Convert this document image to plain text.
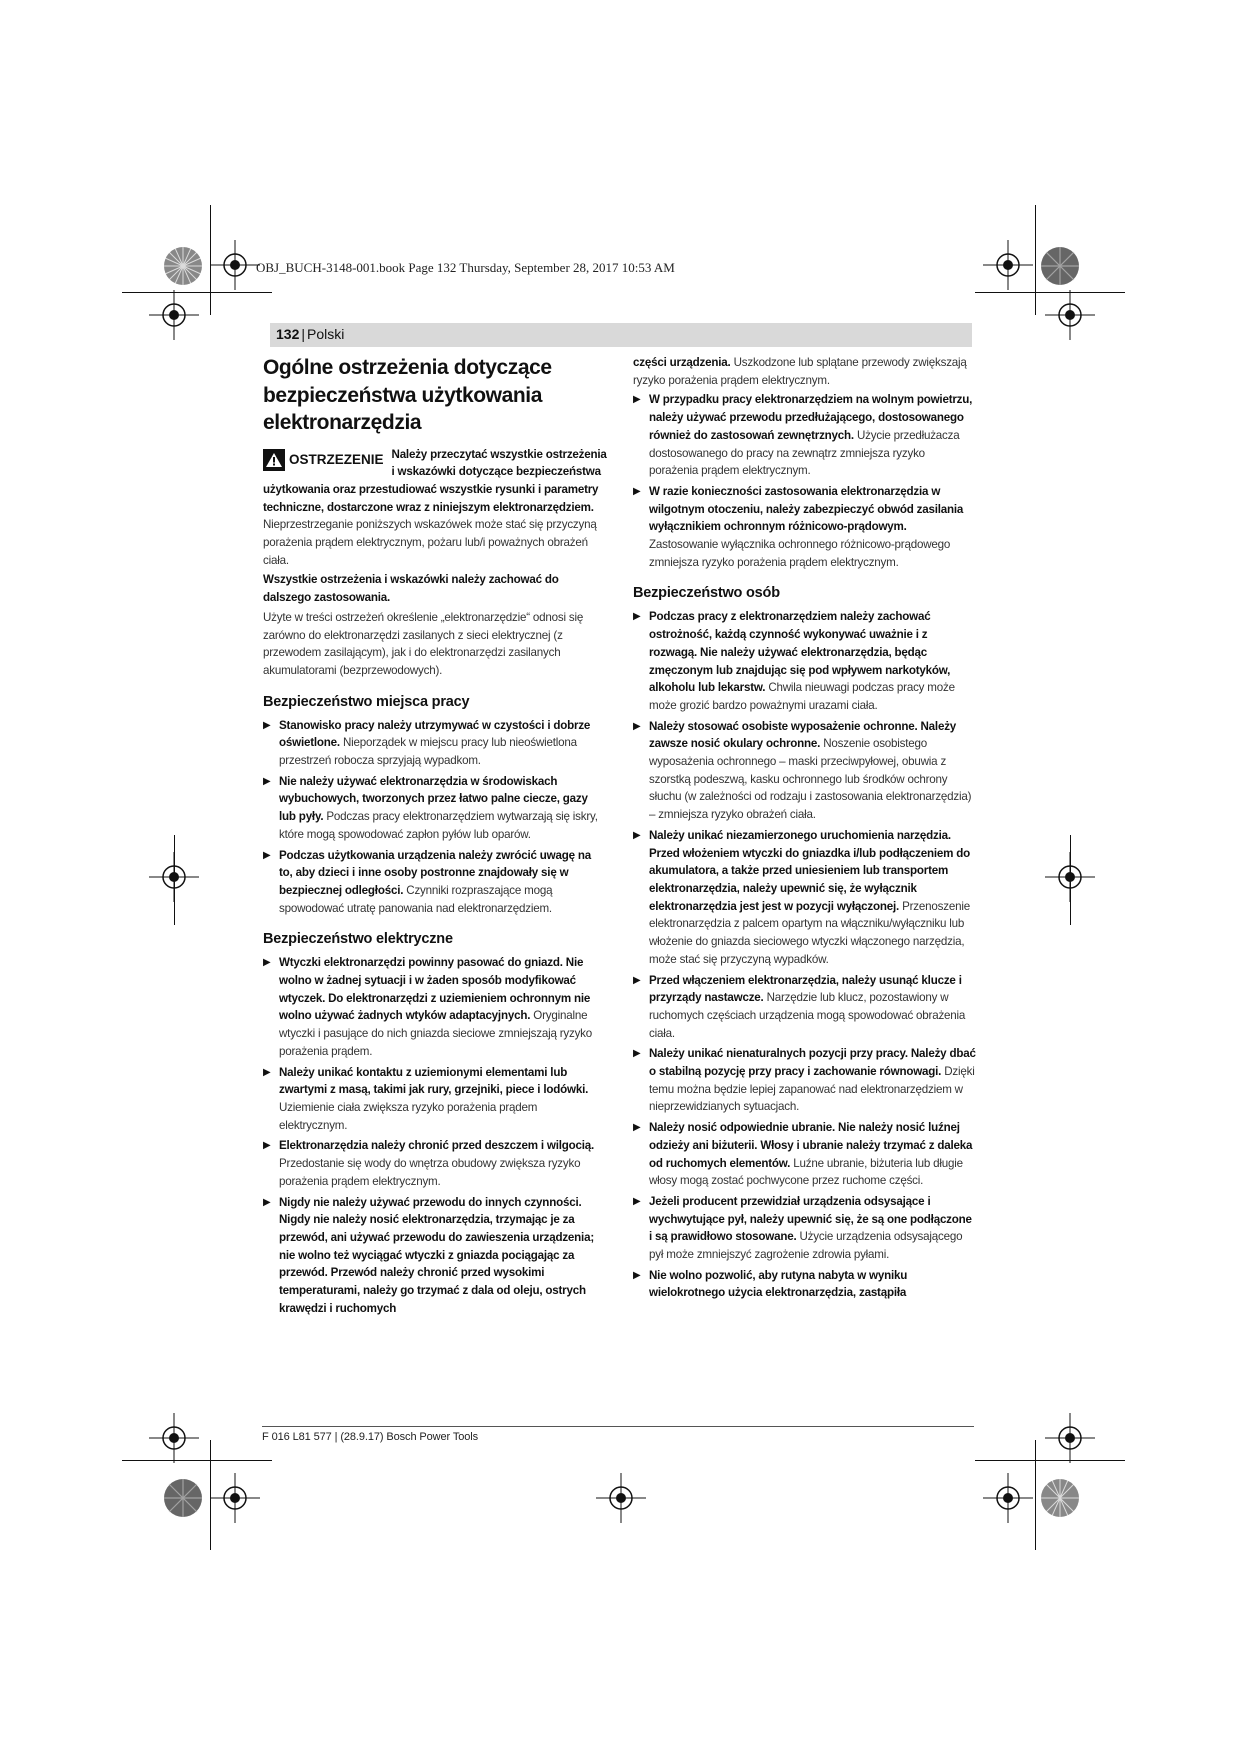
OBJ_BUCH-3148-001.book Page 132 Thursday, September 28, 2017 10:53 AM
132 | Polski
Ogólne ostrzeżenia dotyczące bezpieczeństwa użytkowania elektronarzędzia
OSTRZEZENIE Należy przeczytać wszystkie ostrzeżenia i wskazówki dotyczące bezpieczeństwa użytkowania oraz przestudiować wszystkie rysunki i parametry techniczne, dostarczone wraz z niniejszym elektronarzędziem. Nieprzestrzeganie poniższych wskazówek może stać się przyczyną porażenia prądem elektrycznym, pożaru lub/i poważnych obrażeń ciała.

Wszystkie ostrzeżenia i wskazówki należy zachować do dalszego zastosowania.

Użyte w treści ostrzeżeń określenie „elektronarzędzie“ odnosi się zarówno do elektronarzędzi zasilanych z sieci elektrycznej (z przewodem zasilającym), jak i do elektronarzędzi zasilanych akumulatorami (bezprzewodowych).

Bezpieczeństwo miejsca pracy
▶ Stanowisko pracy należy utrzymywać w czystości i dobrze oświetlone. Nieporządek w miejscu pracy lub nieoświetlona przestrzeń robocza sprzyjają wypadkom.
▶ Nie należy używać elektronarzędzia w środowiskach wybuchowych, tworzonych przez łatwo palne ciecze, gazy lub pyły. Podczas pracy elektronarzędziem wytwarzają się iskry, które mogą spowodować zapłon pyłów lub oparów.
▶ Podczas użytkowania urządzenia należy zwrócić uwagę na to, aby dzieci i inne osoby postronne znajdowały się w bezpiecznej odległości. Czynniki rozpraszające mogą spowodować utratę panowania nad elektronarzędziem.
Bezpieczeństwo elektryczne
▶ Wtyczki elektronarzędzi powinny pasować do gniazd. Nie wolno w żadnej sytuacji i w żaden sposób modyfikować wtyczek. Do elektronarzędzi z uziemieniem ochronnym nie wolno używać żadnych wtyków adaptacyjnych. Oryginalne wtyczki i pasujące do nich gniazda sieciowe zmniejszają ryzyko porażenia prądem.
▶ Należy unikać kontaktu z uziemionymi elementami lub zwartymi z masą, takimi jak rury, grzejniki, piece i lodówki. Uziemienie ciała zwiększa ryzyko porażenia prądem elektrycznym.
▶ Elektronarzędzia należy chronić przed deszczem i wilgocią. Przedostanie się wody do wnętrza obudowy zwiększa ryzyko porażenia prądem elektrycznym.
▶ Nigdy nie należy używać przewodu do innych czynności. Nigdy nie należy nosić elektronarzędzia, trzymając je za przewód, ani używać przewodu do zawieszenia urządzenia; nie wolno też wyciągać wtyczki z gniazda pociągając za przewód. Przewód należy chronić przed wysokimi temperaturami, należy go trzymać z dala od oleju, ostrych krawędzi i ruchomych

części urządzenia. Uszkodzone lub splątane przewody zwiększają ryzyko porażenia prądem elektrycznym.

▶ W przypadku pracy elektronarzędziem na wolnym powietrzu, należy używać przewodu przedłużającego, dostosowanego również do zastosowań zewnętrznych. Użycie przedłużacza dostosowanego do pracy na zewnątrz zmniejsza ryzyko porażenia prądem elektrycznym.
▶ W razie konieczności zastosowania elektronarzędzia w wilgotnym otoczeniu, należy zabezpieczyć obwód zasilania wyłącznikiem ochronnym różnicowo-prądowym. Zastosowanie wyłącznika ochronnego różnicowo-prądowego zmniejsza ryzyko porażenia prądem elektrycznym.
Bezpieczeństwo osób
▶ Podczas pracy z elektronarzędziem należy zachować ostrożność, każdą czynność wykonywać uważnie i z rozwagą. Nie należy używać elektronarzędzia, będąc zmęczonym lub znajdując się pod wpływem narkotyków, alkoholu lub lekarstw. Chwila nieuwagi podczas pracy może może grozić bardzo poważnymi urazami ciała.
▶ Należy stosować osobiste wyposażenie ochronne. Należy zawsze nosić okulary ochronne. Noszenie osobistego wyposażenia ochronnego – maski przeciwpyłowej, obuwia z szorstką podeszwą, kasku ochronnego lub środków ochrony słuchu (w zależności od rodzaju i zastosowania elektronarzędzia) – zmniejsza ryzyko obrażeń ciała.
▶ Należy unikać niezamierzonego uruchomienia narzędzia. Przed włożeniem wtyczki do gniazdka i/lub podłączeniem do akumulatora, a także przed uniesieniem lub transportem elektronarzędzia, należy upewnić się, że wyłącznik elektronarzędzia jest jest w pozycji wyłączonej. Przenoszenie elektronarzędzia z palcem opartym na włączniku/wyłączniku lub włożenie do gniazda sieciowego wtyczki włączonego narzędzia, może stać się przyczyną wypadków.
▶ Przed włączeniem elektronarzędzia, należy usunąć klucze i przyrządy nastawcze. Narzędzie lub klucz, pozostawiony w ruchomych częściach urządzenia mogą spowodować obrażenia ciała.
▶ Należy unikać nienaturalnych pozycji przy pracy. Należy dbać o stabilną pozycję przy pracy i zachowanie równowagi. Dzięki temu można będzie lepiej zapanować nad elektronarzędziem w nieprzewidzianych sytuacjach.
▶ Należy nosić odpowiednie ubranie. Nie należy nosić luźnej odzieży ani biżuterii. Włosy i ubranie należy trzymać z daleka od ruchomych elementów. Luźne ubranie, biżuteria lub długie włosy mogą zostać pochwycone przez ruchome części.
▶ Jeżeli producent przewidział urządzenia odsysające i wychwytujące pył, należy upewnić się, że są one podłączone i są prawidłowo stosowane. Użycie urządzenia odsysającego pył może zmniejszyć zagrożenie zdrowia pyłami.
▶ Nie wolno pozwolić, aby rutyna nabyta w wyniku wielokrotnego użycia elektronarzędzia, zastąpiła
F 016 L81 577 | (28.9.17) Bosch Power Tools
